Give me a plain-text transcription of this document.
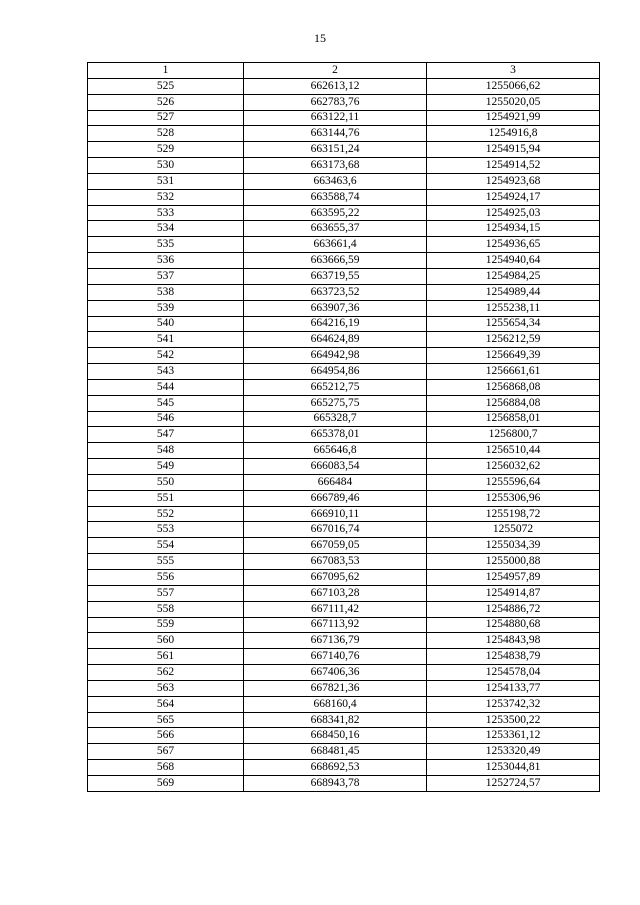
15
1	2	3
525	662613,12	1255066,62
526	662783,76	1255020,05
527	663122,11	1254921,99
528	663144,76	1254916,8
529	663151,24	1254915,94
530	663173,68	1254914,52
531	663463,6	1254923,68
532	663588,74	1254924,17
533	663595,22	1254925,03
534	663655,37	1254934,15
535	663661,4	1254936,65
536	663666,59	1254940,64
537	663719,55	1254984,25
538	663723,52	1254989,44
539	663907,36	1255238,11
540	664216,19	1255654,34
541	664624,89	1256212,59
542	664942,98	1256649,39
543	664954,86	1256661,61
544	665212,75	1256868,08
545	665275,75	1256884,08
546	665328,7	1256858,01
547	665378,01	1256800,7
548	665646,8	1256510,44
549	666083,54	1256032,62
550	666484	1255596,64
551	666789,46	1255306,96
552	666910,11	1255198,72
553	667016,74	1255072
554	667059,05	1255034,39
555	667083,53	1255000,88
556	667095,62	1254957,89
557	667103,28	1254914,87
558	667111,42	1254886,72
559	667113,92	1254880,68
560	667136,79	1254843,98
561	667140,76	1254838,79
562	667406,36	1254578,04
563	667821,36	1254133,77
564	668160,4	1253742,32
565	668341,82	1253500,22
566	668450,16	1253361,12
567	668481,45	1253320,49
568	668692,53	1253044,81
569	668943,78	1252724,57
